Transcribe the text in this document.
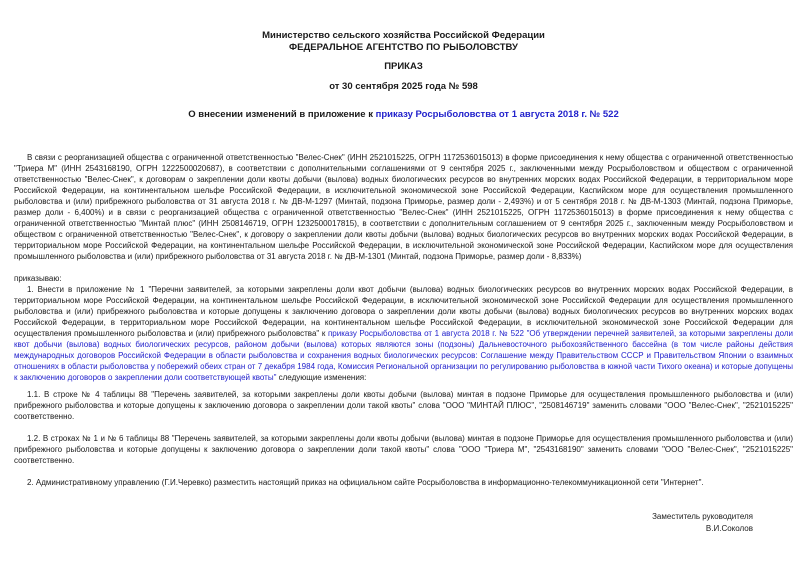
Министерство сельского хозяйства Российской Федерации
ФЕДЕРАЛЬНОЕ АГЕНТСТВО ПО РЫБОЛОВСТВУ
ПРИКАЗ
от 30 сентября 2025 года № 598
О внесении изменений в приложение к приказу Росрыболовства от 1 августа 2018 г. № 522

В связи с реорганизацией общества с ограниченной ответственностью "Велес-Снек" (ИНН 2521015225, ОГРН 1172536015013) в форме присоединения к нему общества с ограниченной ответственностью "Триера М" (ИНН 2543168190, ОГРН 1222500020687), в соответствии с дополнительными соглашениями от 9 сентября 2025 г., заключенными между Росрыболовством и обществом с ограниченной ответственностью "Велес-Снек", к договорам о закреплении доли квоты добычи (вылова) водных биологических ресурсов во внутренних морских водах Российской Федерации, в территориальном море Российской Федерации, на континентальном шельфе Российской Федерации, в исключительной экономической зоне Российской Федерации, Каспийском море для осуществления промышленного рыболовства и (или) прибрежного рыболовства от 31 августа 2018 г. № ДВ-М-1297 (Минтай, подзона Приморье, размер доли - 2,493%) и от 5 сентября 2018 г. № ДВ-М-1303 (Минтай, подзона Приморье, размер доли - 6,400%) и в связи с реорганизацией общества с ограниченной ответственностью "Велес-Снек" (ИНН 2521015225, ОГРН 1172536015013) в форме присоединения к нему общества с ограниченной ответственностью "Минтай плюс" (ИНН 2508146719, ОГРН 1232500017815), в соответствии с дополнительным соглашением от 9 сентября 2025 г., заключенным между Росрыболовством и обществом с ограниченной ответственностью "Велес-Снек", к договору о закреплении доли квоты добычи (вылова) водных биологических ресурсов во внутренних морских водах Российской Федерации, в территориальном море Российской Федерации, на континентальном шельфе Российской Федерации, в исключительной экономической зоне Российской Федерации, Каспийском море для осуществления промышленного рыболовства и (или) прибрежного рыболовства от 31 августа 2018 г. № ДВ-М-1301 (Минтай, подзона Приморье, размер доли - 8,833%)

приказываю:

1. Внести в приложение № 1 "Перечни заявителей, за которыми закреплены доли квот добычи (вылова) водных биологических ресурсов во внутренних морских водах Российской Федерации, в территориальном море Российской Федерации, на континентальном шельфе Российской Федерации, в исключительной экономической зоне Российской Федерации для осуществления промышленного рыболовства и (или) прибрежного рыболовства и которые допущены к заключению договора о закреплении доли квоты добычи (вылова) водных биологических ресурсов во внутренних морских водах Российской Федерации, в территориальном море Российской Федерации, на континентальном шельфе Российской Федерации, в исключительной экономической зоне Российской Федерации для осуществления промышленного рыболовства и (или) прибрежного рыболовства" к приказу Росрыболовства от 1 августа 2018 г. № 522 "Об утверждении перечней заявителей, за которыми закреплены доли квот добычи (вылова) водных биологических ресурсов, районом добычи (вылова) которых являются зоны (подзоны) Дальневосточного рыбохозяйственного бассейна (в том числе районы действия международных договоров Российской Федерации в области рыболовства и сохранения водных биологических ресурсов: Соглашение между Правительством СССР и Правительством Японии о взаимных отношениях в области рыболовства у побережий обеих стран от 7 декабря 1984 года, Комиссия Региональной организации по регулированию рыболовства в южной части Тихого океана) и которые допущены к заключению договоров о закреплении доли соответствующей квоты" следующие изменения:

1.1. В строке № 4 таблицы 88 "Перечень заявителей, за которыми закреплены доли квоты добычи (вылова) минтая в подзоне Приморье для осуществления промышленного рыболовства и (или) прибрежного рыболовства и которые допущены к заключению договора о закреплении доли такой квоты" слова "ООО "МИНТАЙ ПЛЮС", "2508146719" заменить словами "ООО "Велес-Снек", "2521015225" соответственно.

1.2. В строках № 1 и № 6 таблицы 88 "Перечень заявителей, за которыми закреплены доли квоты добычи (вылова) минтая в подзоне Приморье для осуществления промышленного рыболовства и (или) прибрежного рыболовства и которые допущены к заключению договора о закреплении доли такой квоты" слова "ООО "Триера М", "2543168190" заменить словами "ООО "Велес-Снек", "2521015225" соответственно.

2. Административному управлению (Г.И.Черевко) разместить настоящий приказ на официальном сайте Росрыболовства в информационно-телекоммуникационной сети "Интернет".

Заместитель руководителя
В.И.Соколов
